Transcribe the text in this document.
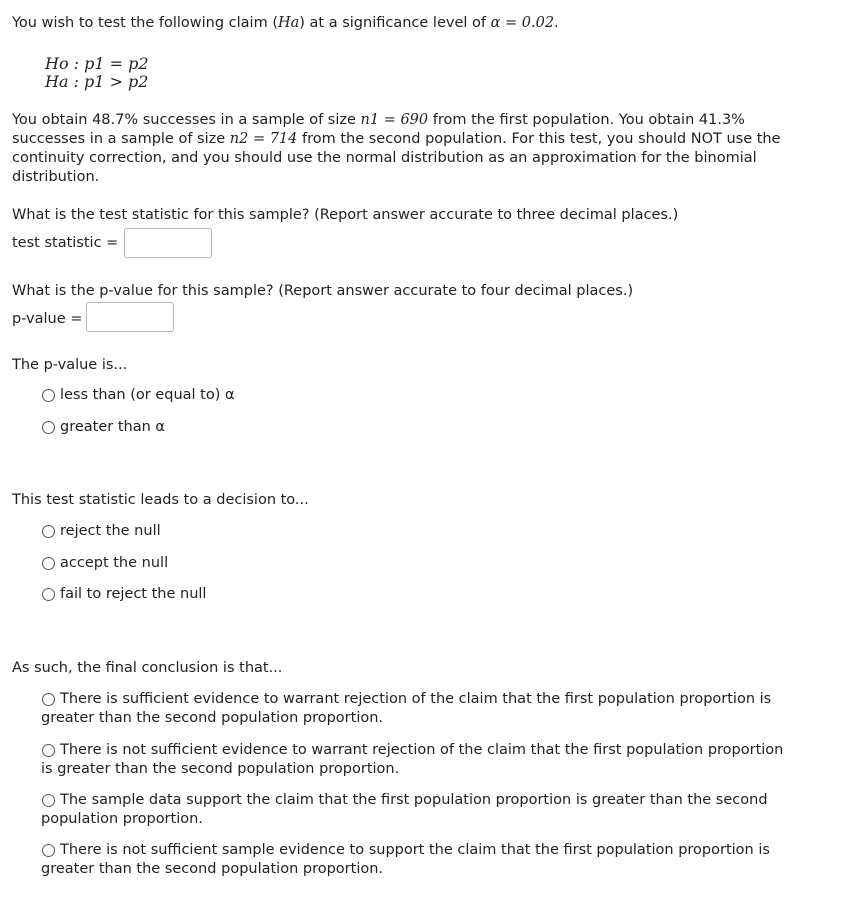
You wish to test the following claim (Ha) at a significance level of α = 0.02.
Ho : p1 = p2
Ha : p1 > p2
You obtain 48.7% successes in a sample of size n1 = 690 from the first population. You obtain 41.3%
successes in a sample of size n2 = 714 from the second population. For this test, you should NOT use the
continuity correction, and you should use the normal distribution as an approximation for the binomial
distribution.
What is the test statistic for this sample? (Report answer accurate to three decimal places.)
test statistic =
What is the p-value for this sample? (Report answer accurate to four decimal places.)
p-value =
The p-value is...
less than (or equal to) α
greater than α
This test statistic leads to a decision to...
reject the null
accept the null
fail to reject the null
As such, the final conclusion is that...
There is sufficient evidence to warrant rejection of the claim that the first population proportion is
greater than the second population proportion.
There is not sufficient evidence to warrant rejection of the claim that the first population proportion
is greater than the second population proportion.
The sample data support the claim that the first population proportion is greater than the second
population proportion.
There is not sufficient sample evidence to support the claim that the first population proportion is
greater than the second population proportion.
